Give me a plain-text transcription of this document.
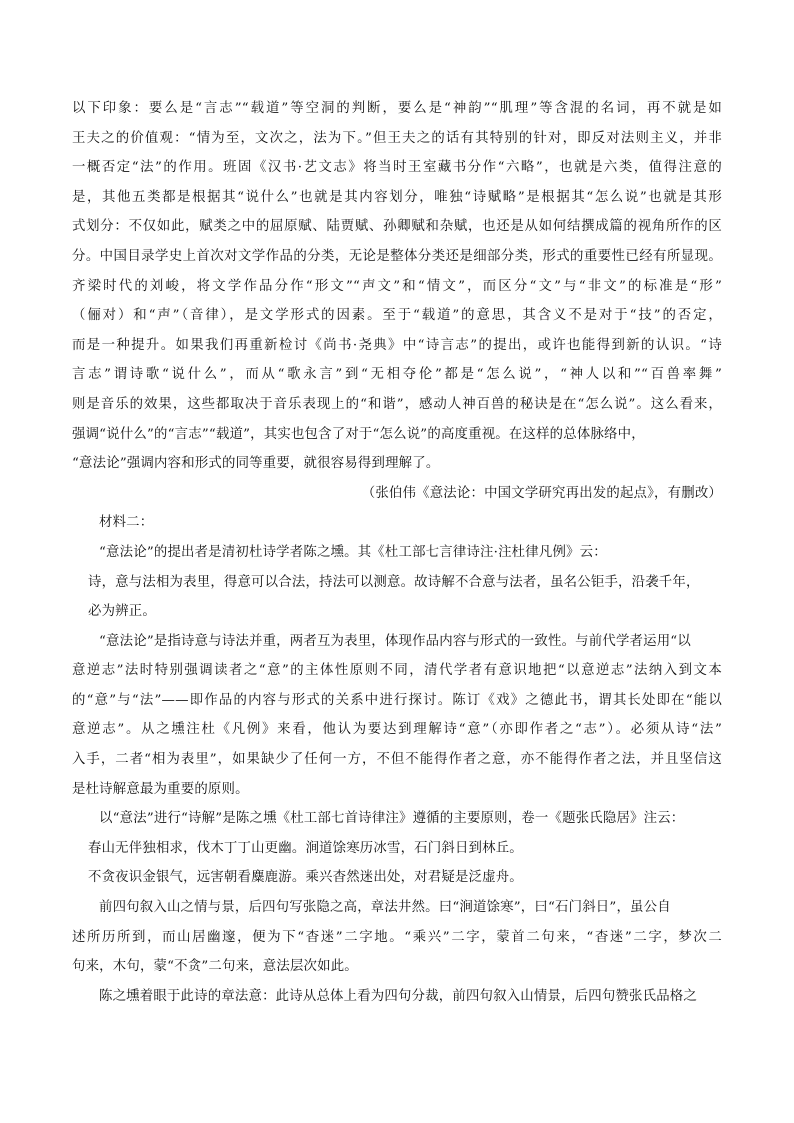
以下印象：要么是“言志”“载道”等空洞的判断，要么是“神韵”“肌理”等含混的名词，再不就是如
王夫之的价值观：“情为至，文次之，法为下。”但王夫之的话有其特别的针对，即反对法则主义，并非
一概否定“法”的作用。班固《汉书·艺文志》将当时王室藏书分作“六略”，也就是六类，值得注意的
是，其他五类都是根据其“说什么”也就是其内容划分，唯独“诗赋略”是根据其“怎么说”也就是其形
式划分：不仅如此，赋类之中的屈原赋、陆贾赋、孙卿赋和杂赋，也还是从如何结撰成篇的视角所作的区
分。中国目录学史上首次对文学作品的分类，无论是整体分类还是细部分类，形式的重要性已经有所显现。
齐梁时代的刘峻，将文学作品分作“形文”“声文”和“情文”，而区分“文”与“非文”的标准是“形”
（俪对）和“声”（音律），是文学形式的因素。至于“载道”的意思，其含义不是对于“技”的否定，
而是一种提升。如果我们再重新检讨《尚书·尧典》中“诗言志”的提出，或许也能得到新的认识。“诗
言志”谓诗歌“说什么”，而从“歌永言”到“无相夺伦”都是“怎么说”，“神人以和”“百兽率舞”
则是音乐的效果，这些都取决于音乐表现上的“和谐”，感动人神百兽的秘诀是在“怎么说”。这么看来，
强调“说什么”的“言志”“载道”，其实也包含了对于“怎么说”的高度重视。在这样的总体脉络中，
“意法论”强调内容和形式的同等重要，就很容易得到理解了。
（张伯伟《意法论：中国文学研究再出发的起点》，有删改）
材料二：
“意法论”的提出者是清初杜诗学者陈之壎。其《杜工部七言律诗注·注杜律凡例》云：
诗，意与法相为表里，得意可以合法，持法可以测意。故诗解不合意与法者，虽名公钜手，沿袭千年，
必为辨正。
“意法论”是指诗意与诗法并重，两者互为表里，体现作品内容与形式的一致性。与前代学者运用“以
意逆志”法时特别强调读者之“意”的主体性原则不同，清代学者有意识地把“以意逆志”法纳入到文本
的“意”与“法”——即作品的内容与形式的关系中进行探讨。陈订《戏》之德此书，谓其长处即在“能以
意逆志”。从之壎注杜《凡例》来看，他认为要达到理解诗“意”（亦即作者之“志”）。必须从诗“法”
入手，二者“相为表里”，如果缺少了任何一方，不但不能得作者之意，亦不能得作者之法，并且坚信这
是杜诗解意最为重要的原则。
以“意法”进行“诗解”是陈之壎《杜工部七首诗律注》遵循的主要原则，卷一《题张氏隐居》注云：
春山无伴独相求，伐木丁丁山更幽。涧道馀寒历冰雪，石门斜日到林丘。
不贪夜识金银气，远害朝看麋鹿游。乘兴杳然迷出处，对君疑是泛虚舟。
前四句叙入山之情与景，后四句写张隐之高，章法井然。曰“涧道馀寒”，曰“石门斜日”，虽公自
述所历所到，而山居幽邃，便为下“杳迷”二字地。“乘兴”二字，蒙首二句来，“杳迷”二字，梦次二
句来，木句，蒙“不贪”二句来，意法层次如此。
陈之壎着眼于此诗的章法意：此诗从总体上看为四句分裁，前四句叙入山情景，后四句赞张氏品格之
